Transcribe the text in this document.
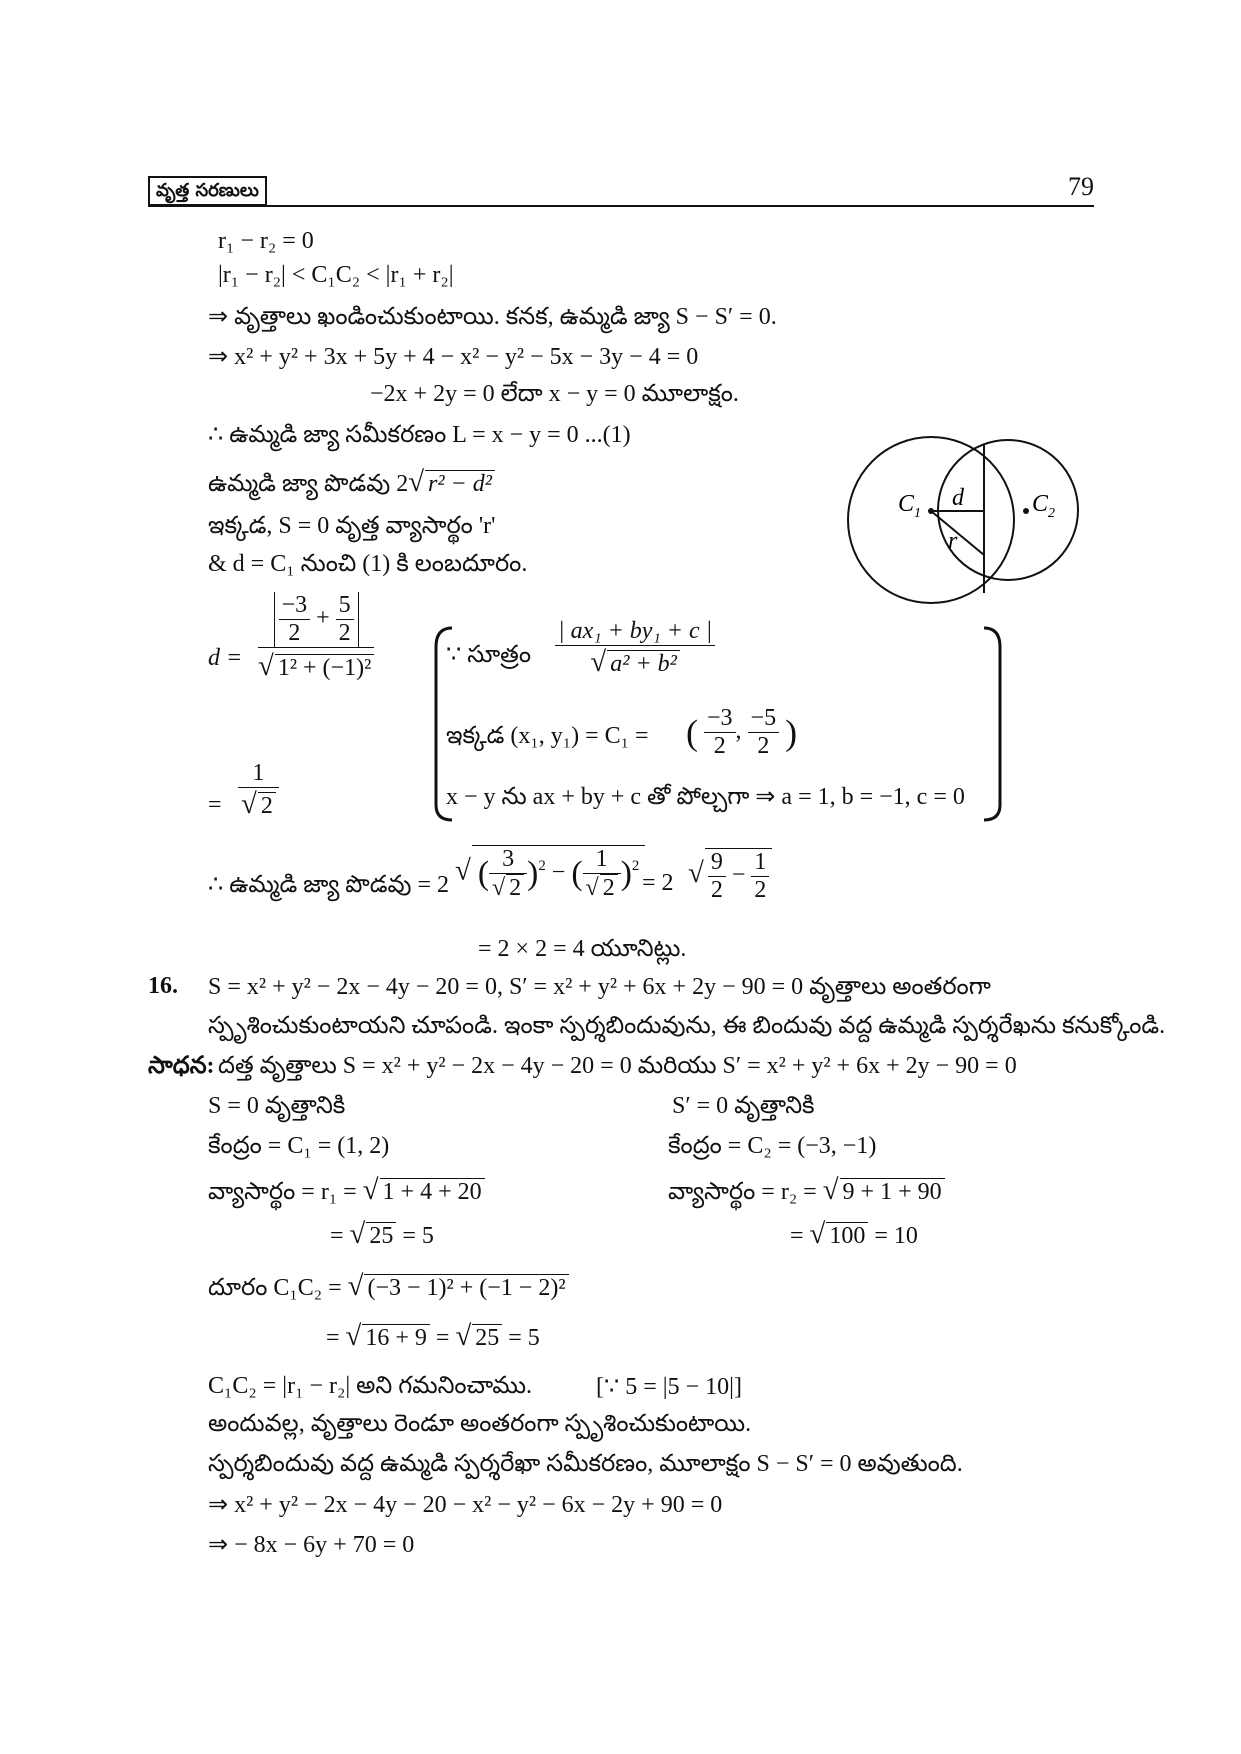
వృత్త సరణులు	79
r₁ − r₂ = 0
|r₁ − r₂| < C₁C₂ < |r₁ + r₂|
⇒ వృత్తాలు ఖండించుకుంటాయి. కనక, ఉమ్మడి జ్యా S − S′ = 0.
⇒ x² + y² + 3x + 5y + 4 − x² − y² − 5x − 3y − 4 = 0
−2x + 2y = 0 లేదా x − y = 0 మూలాక్షం.
∴ ఉమ్మడి జ్యా సమీకరణం L = x − y = 0 ...(1)
ఉమ్మడి జ్యా పొడవు 2√ r² − d²
ఇక్కడ, S = 0 వృత్త వ్యాసార్థం 'r'
& d = C₁ నుంచి (1) కి లంబదూరం.
$C_1$
d
r
$C_2$
d =
$\frac{-3}{2} + \frac{5}{2}$
√ 1² + (−1)²
= $\frac{1}{√ 2}$
∵ సూత్రం $\frac{\text{| ax₁ + by₁ + c |}}{\text{√ a² + b²}}$
ఇక్కడ (x₁, y₁) = C₁ = ( $\frac{-3}{2}$ , $\frac{-5}{2}$ )
x − y ను ax + by + c తో పోల్చగా ⇒ a = 1, b = −1, c = 0
∴ ఉమ్మడి జ్యా పొడవు = 2 √ ( $\frac{3}{√ 2} )^2$ − ( $\frac{1}{√ 2} )^2$
= 2 √ $\frac{9}{2} - \frac{1}{2}$
= 2 × 2 = 4 యూనిట్లు.
16. S = x² + y² − 2x − 4y − 20 = 0, S′ = x² + y² + 6x + 2y − 90 = 0 వృత్తాలు అంతరంగా
స్పృశించుకుంటాయని చూపండి. ఇంకా స్పర్శబిందువును, ఈ బిందువు వద్ద ఉమ్మడి స్పర్శరేఖను కనుక్కోండి.
సాధన: దత్త వృత్తాలు S = x² + y² − 2x − 4y − 20 = 0 మరియు S′ = x² + y² + 6x + 2y − 90 = 0
S = 0 వృత్తానికి
కేంద్రం = C₁ = (1, 2)
వ్యాసార్థం = r₁ = √ 1 + 4 + 20
= √ 25 = 5
S′ = 0 వృత్తానికి
కేంద్రం = C₂ = (−3, −1)
వ్యాసార్థం = r₂ = √ 9 + 1 + 90
= √ 100 = 10
దూరం C₁C₂ = √ (−3 − 1)² + (−1 − 2)²
= √ 16 + 9 = √ 25 = 5
C₁C₂ = |r₁ − r₂| అని గమనించాము.	[∵ 5 = |5 − 10|]
అందువల్ల, వృత్తాలు రెండూ అంతరంగా స్పృశించుకుంటాయి.
స్పర్శబిందువు వద్ద ఉమ్మడి స్పర్శరేఖా సమీకరణం, మూలాక్షం S − S′ = 0 అవుతుంది.
⇒ x² + y² − 2x − 4y − 20 − x² − y² − 6x − 2y + 90 = 0
⇒ − 8x − 6y + 70 = 0
